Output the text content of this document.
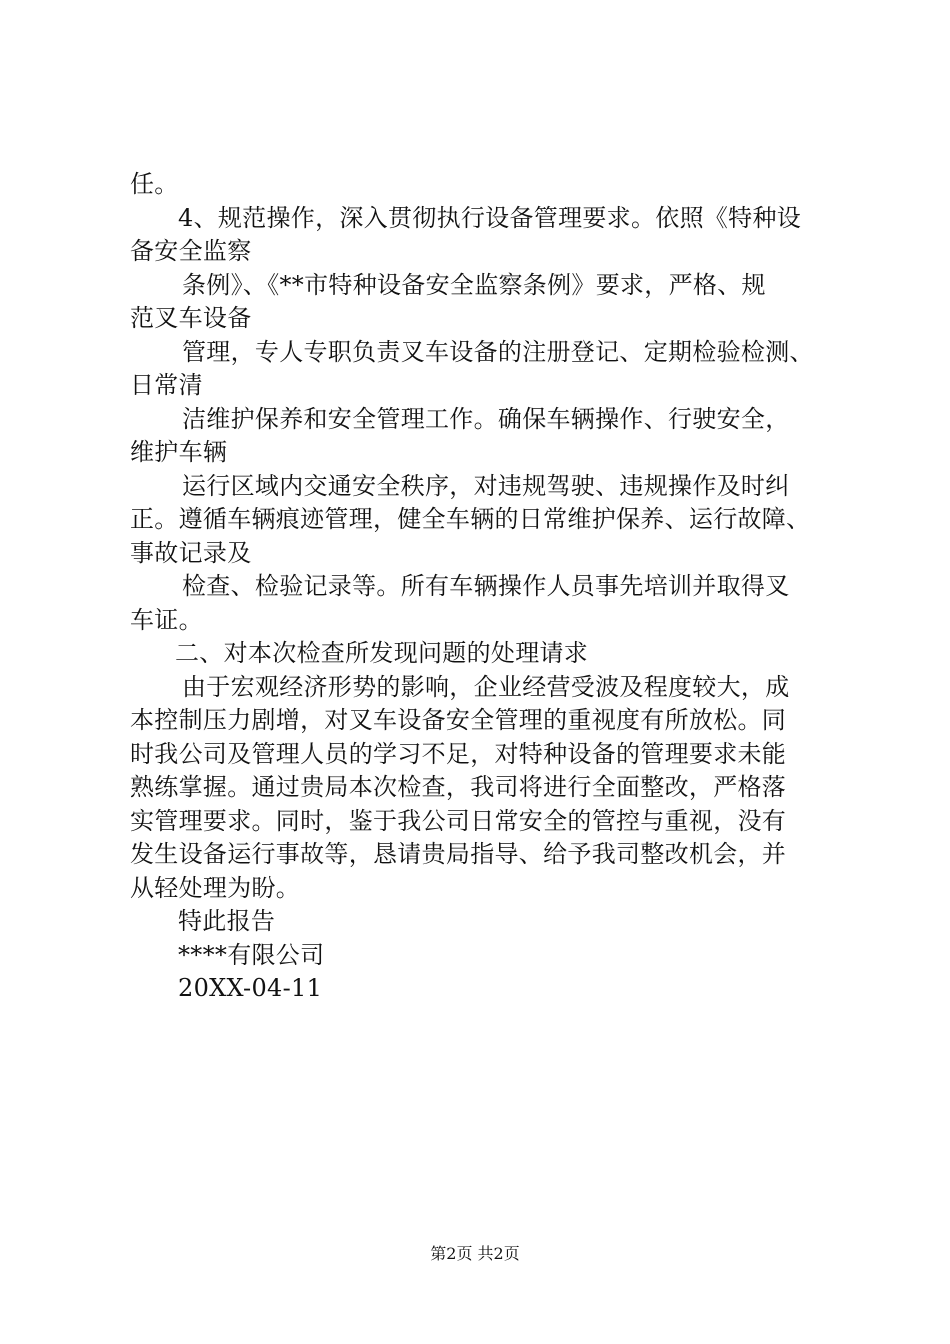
任。
4、规范操作，深入贯彻执行设备管理要求。依照《特种设
备安全监察
条例》、《**市特种设备安全监察条例》要求，严格、规
范叉车设备
管理，专人专职负责叉车设备的注册登记、定期检验检测、
日常清
洁维护保养和安全管理工作。确保车辆操作、行驶安全，
维护车辆
运行区域内交通安全秩序，对违规驾驶、违规操作及时纠
正。遵循车辆痕迹管理，健全车辆的日常维护保养、运行故障、
事故记录及
检查、检验记录等。所有车辆操作人员事先培训并取得叉
车证。
二、对本次检查所发现问题的处理请求
由于宏观经济形势的影响，企业经营受波及程度较大，成
本控制压力剧增，对叉车设备安全管理的重视度有所放松。同
时我公司及管理人员的学习不足，对特种设备的管理要求未能
熟练掌握。通过贵局本次检查，我司将进行全面整改，严格落
实管理要求。同时，鉴于我公司日常安全的管控与重视，没有
发生设备运行事故等，恳请贵局指导、给予我司整改机会，并
从轻处理为盼。
特此报告
****有限公司
20XX-04-11
第2页 共2页
